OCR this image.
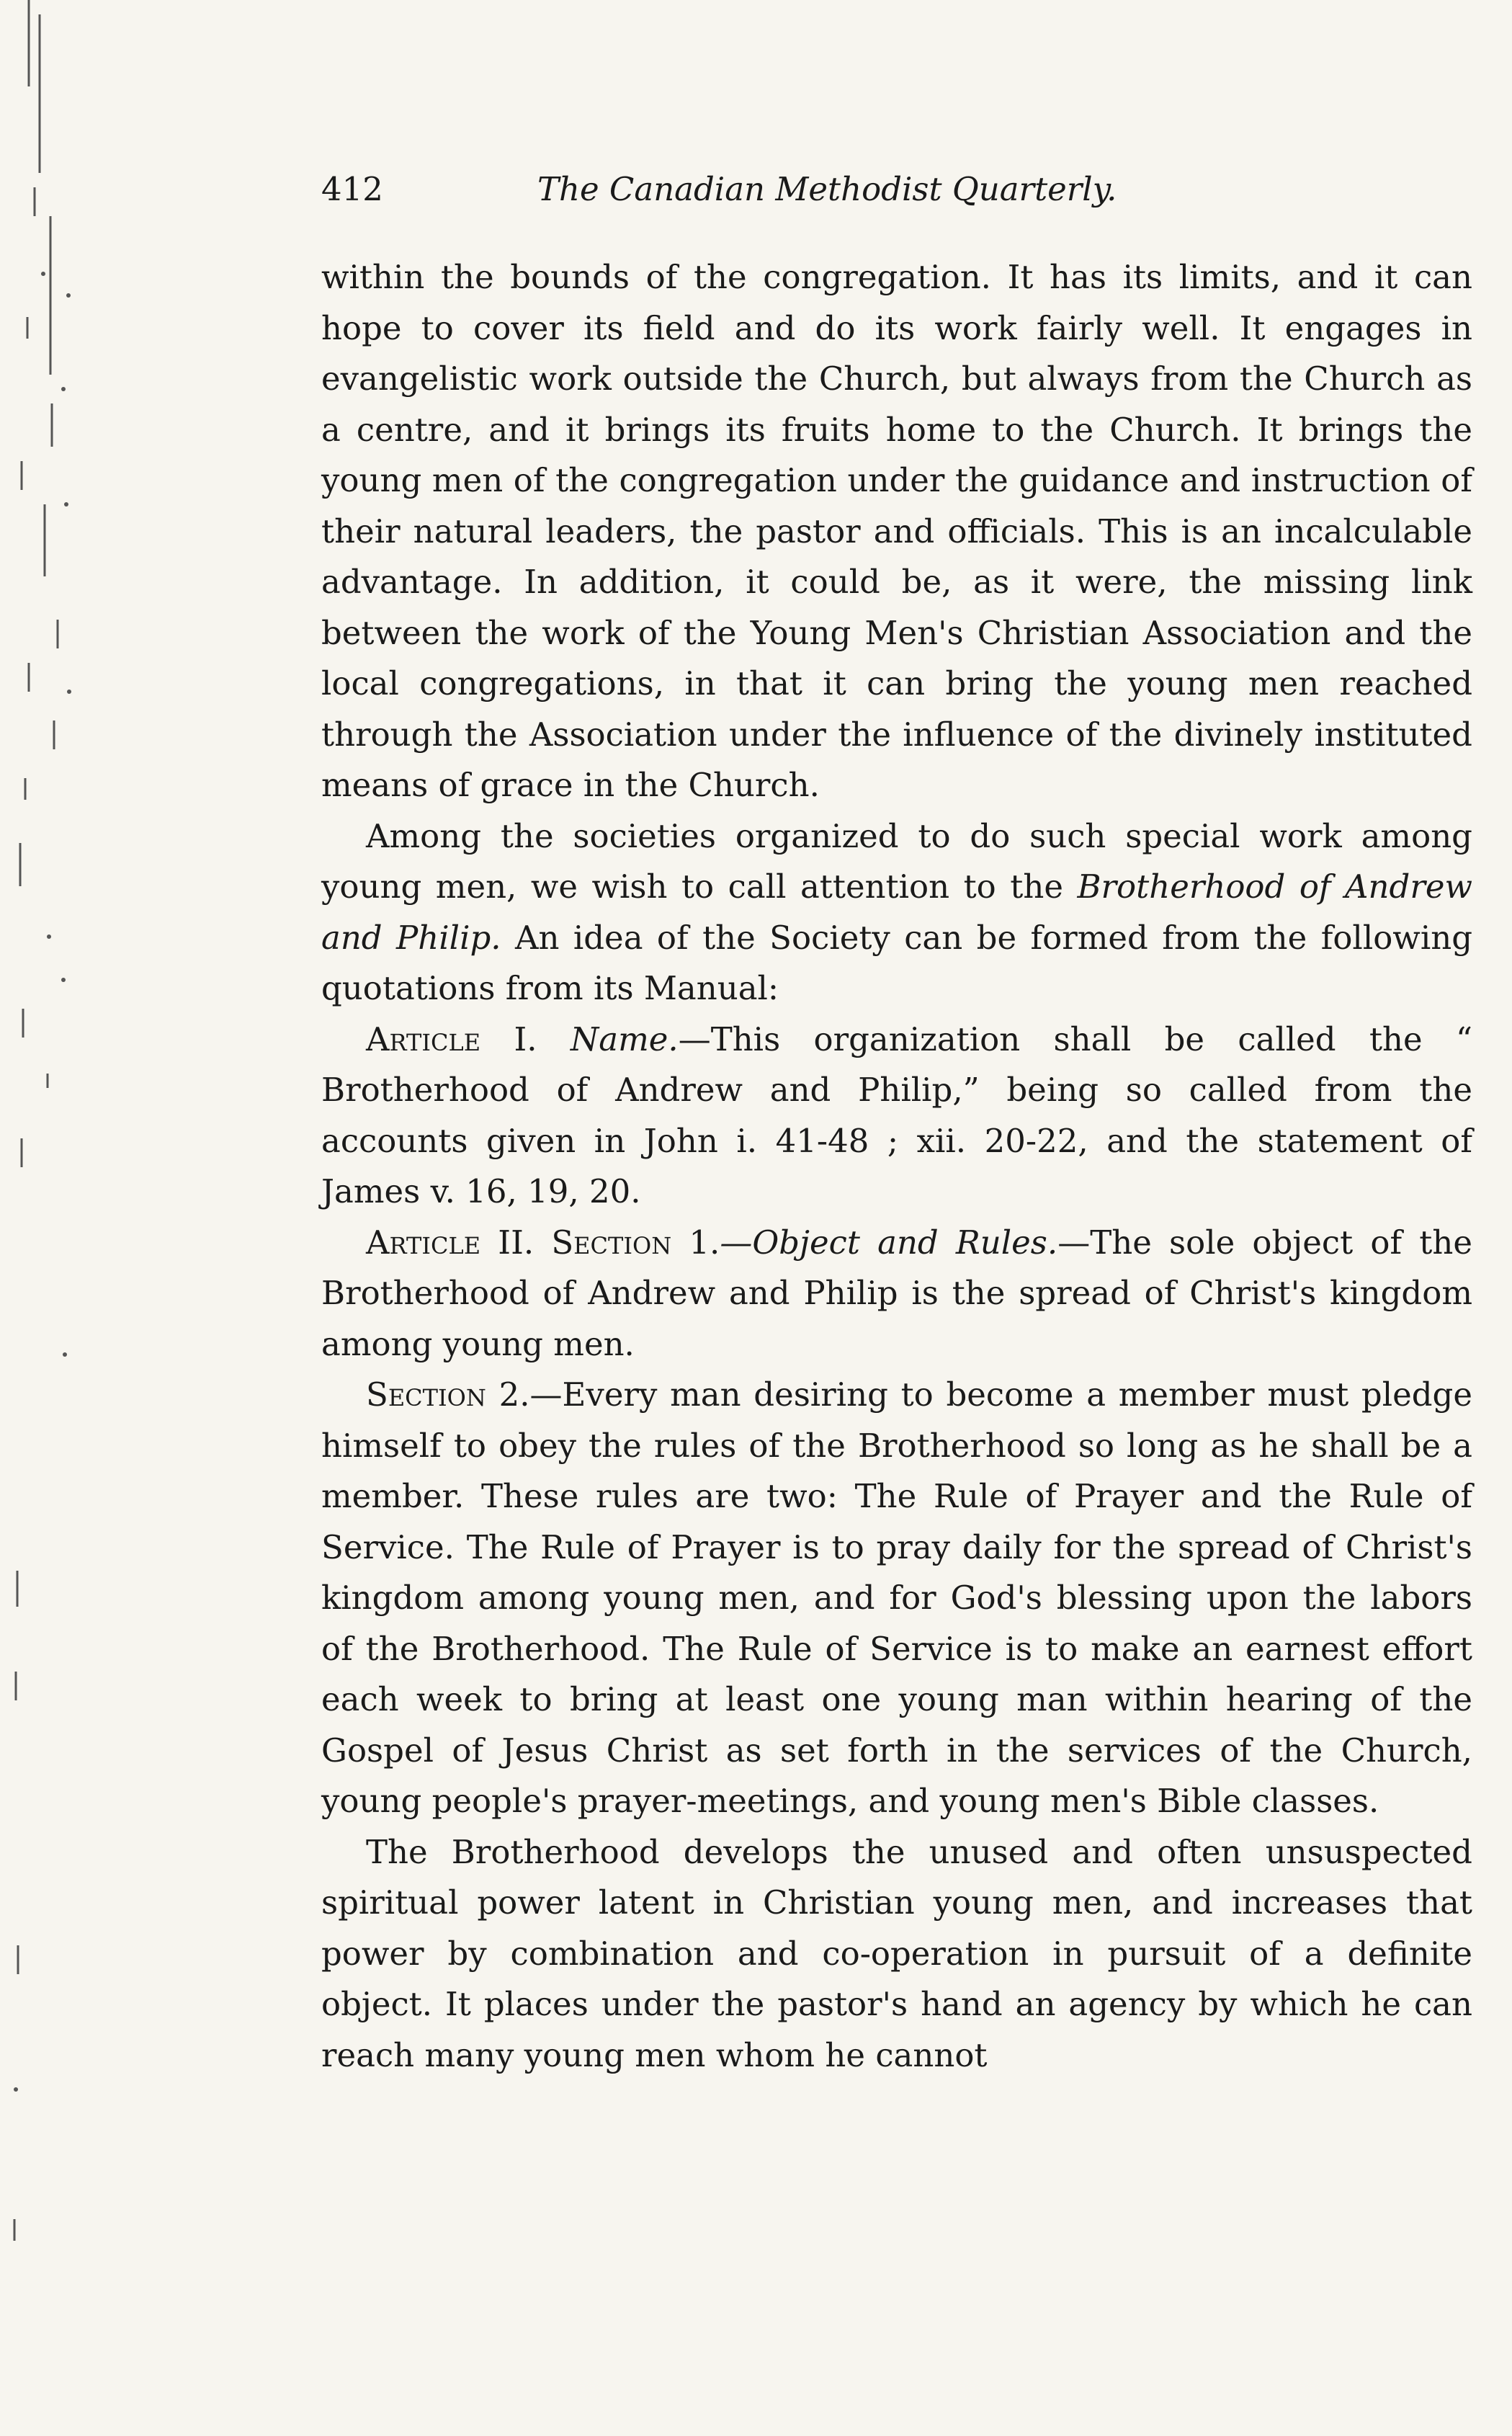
412	The Canadian Methodist Quarterly.

within the bounds of the congregation. It has its limits, and it can hope to cover its field and do its work fairly well. It engages in evangelistic work outside the Church, but always from the Church as a centre, and it brings its fruits home to the Church. It brings the young men of the congregation under the guidance and instruction of their natural leaders, the pastor and officials. This is an incalculable advantage. In addition, it could be, as it were, the missing link between the work of the Young Men's Christian Association and the local congregations, in that it can bring the young men reached through the Association under the influence of the divinely instituted means of grace in the Church.

Among the societies organized to do such special work among young men, we wish to call attention to the Brotherhood of Andrew and Philip. An idea of the Society can be formed from the following quotations from its Manual:

Article I. Name.—This organization shall be called the “ Brotherhood of Andrew and Philip,” being so called from the accounts given in John i. 41-48 ; xii. 20-22, and the statement of James v. 16, 19, 20.

Article II. Section 1.—Object and Rules.—The sole object of the Brotherhood of Andrew and Philip is the spread of Christ's kingdom among young men.

Section 2.—Every man desiring to become a member must pledge himself to obey the rules of the Brotherhood so long as he shall be a member. These rules are two: The Rule of Prayer and the Rule of Service. The Rule of Prayer is to pray daily for the spread of Christ's kingdom among young men, and for God's blessing upon the labors of the Brotherhood. The Rule of Service is to make an earnest effort each week to bring at least one young man within hearing of the Gospel of Jesus Christ as set forth in the services of the Church, young people's prayer-meetings, and young men's Bible classes.

The Brotherhood develops the unused and often unsuspected spiritual power latent in Christian young men, and increases that power by combination and co-operation in pursuit of a definite object. It places under the pastor's hand an agency by which he can reach many young men whom he cannot
